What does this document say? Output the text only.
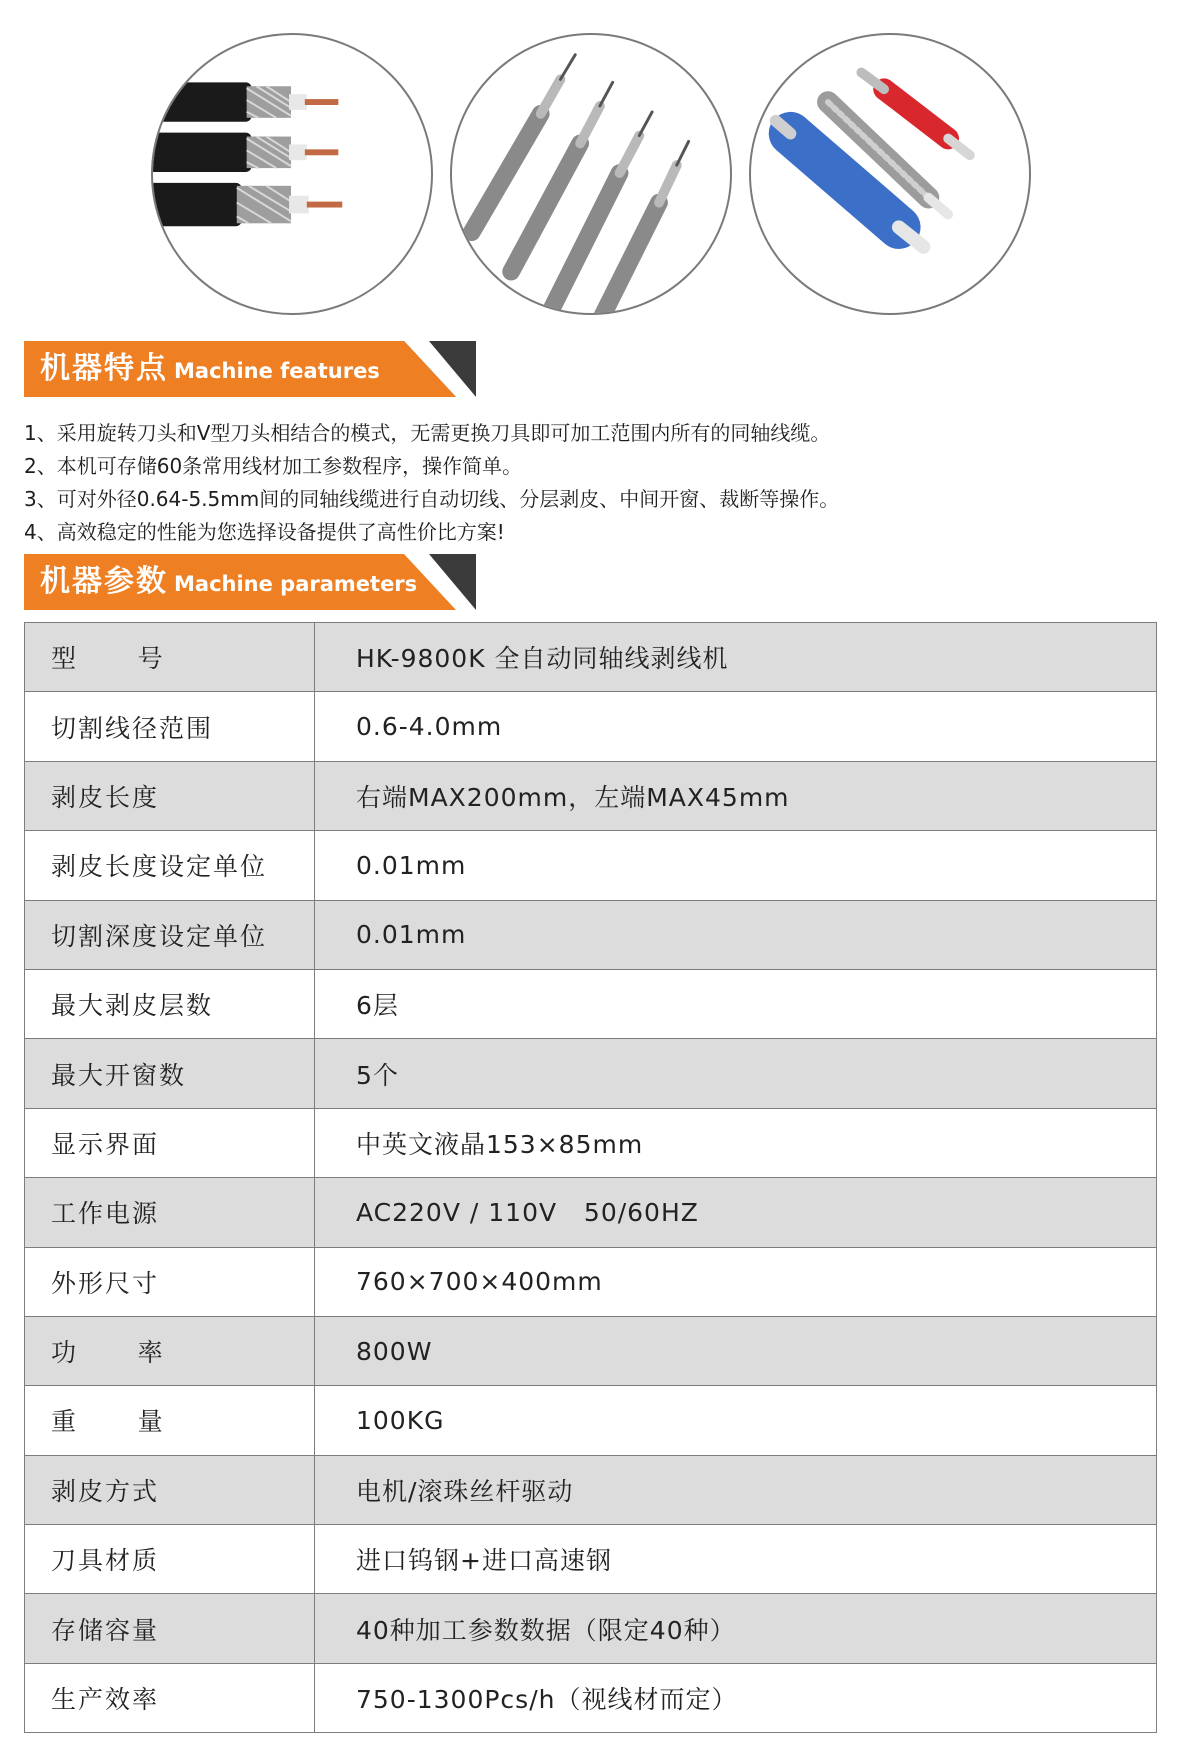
机器特点 Machine features
1、采用旋转刀头和V型刀头相结合的模式，无需更换刀具即可加工范围内所有的同轴线缆。
2、本机可存储60条常用线材加工参数程序，操作简单。
3、可对外径0.64-5.5mm间的同轴线缆进行自动切线、分层剥皮、中间开窗、裁断等操作。
4、高效稳定的性能为您选择设备提供了高性价比方案!
机器参数 Machine parameters
型      号	HK-9800K 全自动同轴线剥线机
切割线径范围	0.6-4.0mm
剥皮长度	右端MAX200mm，左端MAX45mm
剥皮长度设定单位	0.01mm
切割深度设定单位	0.01mm
最大剥皮层数	6层
最大开窗数	5个
显示界面	中英文液晶153×85mm
工作电源	AC220V / 110V   50/60HZ
外形尺寸	760×700×400mm
功      率	800W
重      量	100KG
剥皮方式	电机/滚珠丝杆驱动
刀具材质	进口钨钢+进口高速钢
存储容量	40种加工参数数据（限定40种）
生产效率	750-1300Pcs/h（视线材而定）
